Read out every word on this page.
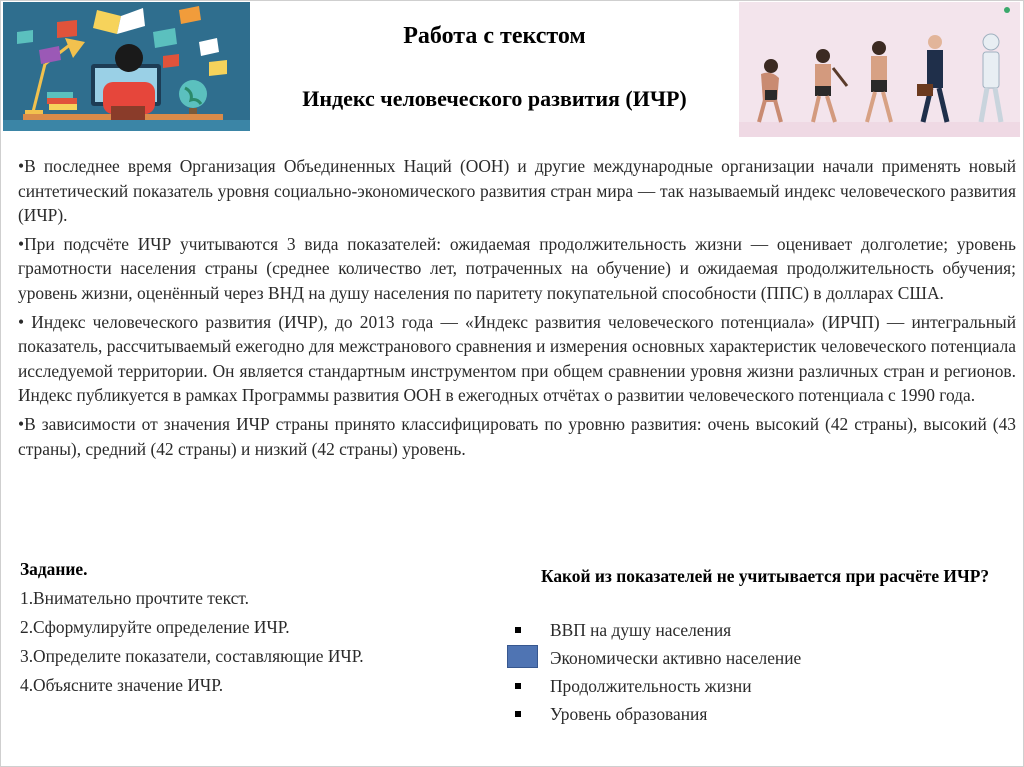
Работа с текстом
Индекс человеческого развития (ИЧР)

•В последнее время Организация Объединенных Наций (ООН) и другие международные организации начали применять новый синтетический показатель уровня социально-экономического развития стран мира — так называемый индекс человеческого развития (ИЧР).

•При подсчёте ИЧР учитываются 3 вида показателей: ожидаемая продолжительность жизни — оценивает долголетие; уровень грамотности населения страны (среднее количество лет, потраченных на обучение) и ожидаемая продолжительность обучения; уровень жизни, оценённый через ВНД на душу населения по паритету покупательной способности (ППС) в долларах США.

• Индекс человеческого развития (ИЧР), до 2013 года — «Индекс развития человеческого потенциала» (ИРЧП) — интегральный показатель, рассчитываемый ежегодно для межстранового сравнения и измерения основных характеристик человеческого потенциала исследуемой территории. Он является стандартным инструментом при общем сравнении уровня жизни различных стран и регионов. Индекс публикуется в рамках Программы развития ООН в ежегодных отчётах о развитии человеческого потенциала с 1990 года.

•В зависимости от значения ИЧР страны принято классифицировать по уровню развития: очень высокий (42 страны), высокий (43 страны), средний (42 страны) и низкий (42 страны) уровень.

Задание.
1.Внимательно прочтите текст.
2.Сформулируйте определение ИЧР.
3.Определите показатели, составляющие ИЧР.
4.Объясните значение ИЧР.
Какой из показателей не учитывается при расчёте ИЧР?
ВВП на душу населения
Экономически активно население
Продолжительность жизни
Уровень образования
